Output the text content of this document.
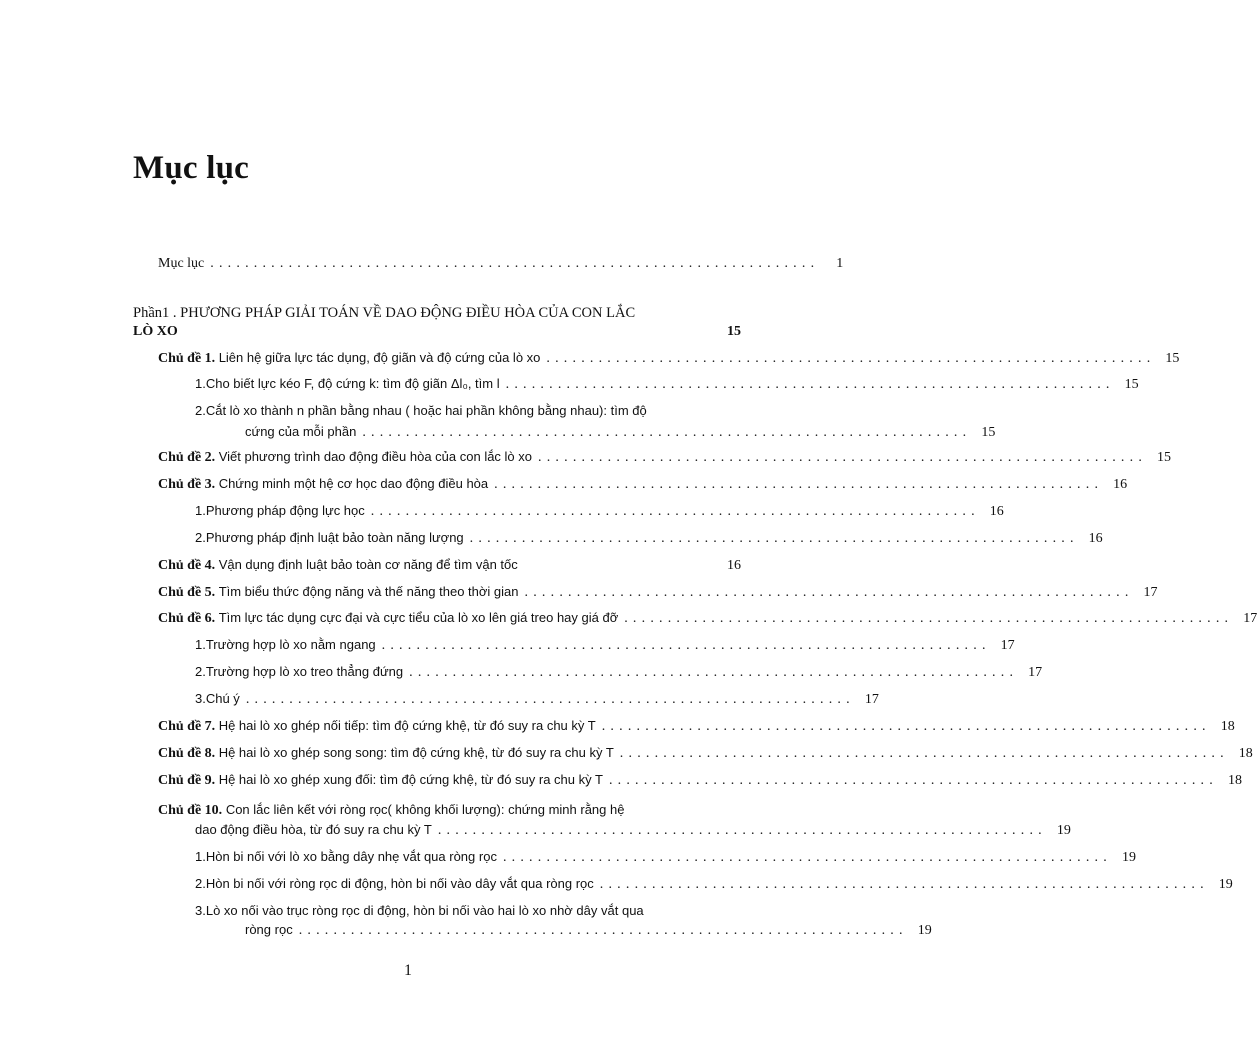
Mục lục
Mục lục ......................................................................	1
Phần1 . PHƯƠNG PHÁP GIẢI TOÁN VỀ DAO ĐỘNG ĐIỀU HÒA CỦA CON LẮC
LÒ XO	15
Chủ đề 1. Liên hệ giữa lực tác dụng, độ giãn và độ cứng của lò xo ...................................................................... 15
1.Cho biết lực kéo F, độ cứng k: tìm độ giãn Δl₀, tìm l ...................................................................... 15
2.Cắt lò xo thành n phần bằng nhau ( hoặc hai phần không bằng nhau): tìm độ
cứng của mỗi phần ...................................................................... 15
Chủ đề 2. Viết phương trình dao động điều hòa của con lắc lò xo ...................................................................... 15
Chủ đề 3. Chứng minh một hệ cơ học dao động điều hòa ...................................................................... 16
1.Phương pháp động lực học ...................................................................... 16
2.Phương pháp định luật bảo toàn năng lượng ...................................................................... 16
Chủ đề 4. Vận dụng định luật bảo toàn cơ năng để tìm vận tốc	16
Chủ đề 5. Tìm biểu thức động năng và thế năng theo thời gian ...................................................................... 17
Chủ đề 6. Tìm lực tác dụng cực đại và cực tiểu của lò xo lên giá treo hay giá đỡ ...................................................................... 17
1.Trường hợp lò xo nằm ngang ...................................................................... 17
2.Trường hợp lò xo treo thẳng đứng ...................................................................... 17
3.Chú ý ...................................................................... 17
Chủ đề 7. Hệ hai lò xo ghép nối tiếp: tìm độ cứng khệ, từ đó suy ra chu kỳ T ...................................................................... 18
Chủ đề 8. Hệ hai lò xo ghép song song: tìm độ cứng khệ, từ đó suy ra chu kỳ T ...................................................................... 18
Chủ đề 9. Hệ hai lò xo ghép xung đối: tìm độ cứng khệ, từ đó suy ra chu kỳ T ...................................................................... 18
Chủ đề 10. Con lắc liên kết với ròng rọc( không khối lượng): chứng minh rằng hệ
dao động điều hòa, từ đó suy ra chu kỳ T ...................................................................... 19
1.Hòn bi nối với lò xo bằng dây nhẹ vắt qua ròng rọc ...................................................................... 19
2.Hòn bi nối với ròng rọc di động, hòn bi nối vào dây vắt qua ròng rọc ...................................................................... 19
3.Lò xo nối vào trục ròng rọc di động, hòn bi nối vào hai lò xo nhờ dây vắt qua
ròng rọc ...................................................................... 19
1
